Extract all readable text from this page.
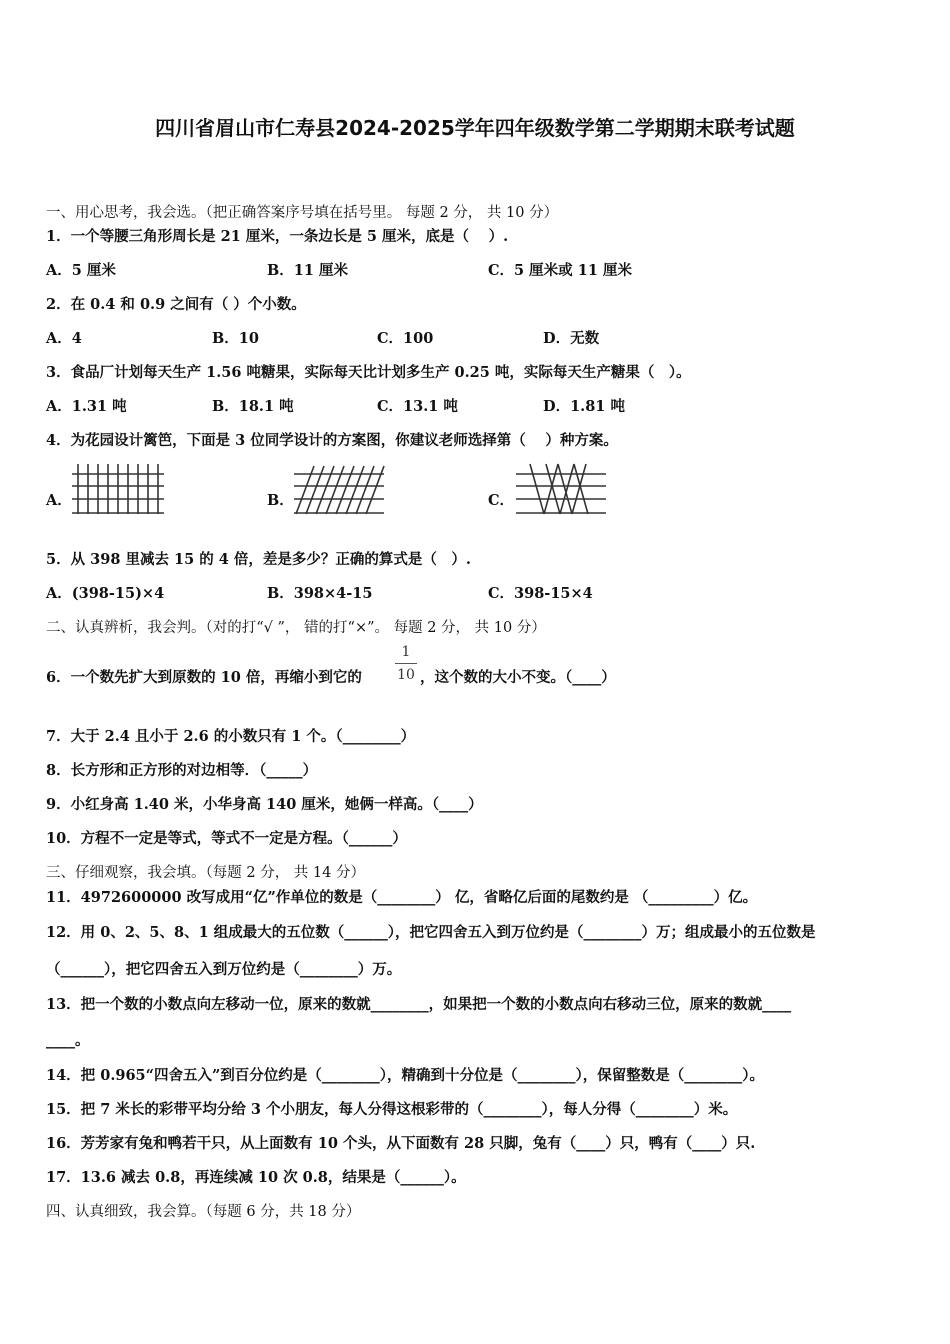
四川省眉山市仁寿县2024-2025学年四年级数学第二学期期末联考试题
一、用心思考，我会选。（把正确答案序号填在括号里。 每题 2 分， 共 10 分）
1．一个等腰三角形周长是 21 厘米，一条边长是 5 厘米，底是（　 ）.
A．5 厘米	B．11 厘米	C．5 厘米或 11 厘米
2．在 0.4 和 0.9 之间有（ ）个小数。
A．4	B．10	C．100	D．无数
3．食品厂计划每天生产 1.56 吨糖果，实际每天比计划多生产 0.25 吨，实际每天生产糖果（　）。
A．1.31 吨	B．18.1 吨	C．13.1 吨	D．1.81 吨
4．为花园设计篱笆，下面是 3 位同学设计的方案图，你建议老师选择第（　 ）种方案。
A．	B．	C．
5．从 398 里减去 15 的 4 倍，差是多少？正确的算式是（　）.
A．(398-15)×4	B．398×4-15	C．398-15×4
二、认真辨析，我会判。（对的打“√ ”， 错的打“×”。 每题 2 分， 共 10 分）
6．一个数先扩大到原数的 10 倍，再缩小到它的
1
10 ，这个数的大小不变。（____）
7．大于 2.4 且小于 2.6 的小数只有 1 个。（________）
8．长方形和正方形的对边相等．（_____）
9．小红身高 1.40 米，小华身高 140 厘米，她俩一样高。（____）
10．方程不一定是等式，等式不一定是方程。（______）
三、仔细观察，我会填。（每题 2 分， 共 14 分）
11．4972600000 改写成用“亿”作单位的数是（________） 亿，省略亿后面的尾数约是 （_________）亿。
12．用 0、2、5、8、1 组成最大的五位数（______），把它四舍五入到万位约是（________）万；组成最小的五位数是
（______），把它四舍五入到万位约是（________）万。
13．把一个数的小数点向左移动一位，原来的数就________，如果把一个数的小数点向右移动三位，原来的数就____
____。
14．把 0.965“四舍五入”到百分位约是（________），精确到十分位是（________），保留整数是（________）。
15．把 7 米长的彩带平均分给 3 个小朋友，每人分得这根彩带的（________），每人分得（________）米。
16．芳芳家有兔和鸭若干只，从上面数有 10 个头，从下面数有 28 只脚，兔有（____）只，鸭有（____）只.
17．13.6 减去 0.8，再连续减 10 次 0.8，结果是（______）。
四、认真细致，我会算。（每题 6 分，共 18 分）
